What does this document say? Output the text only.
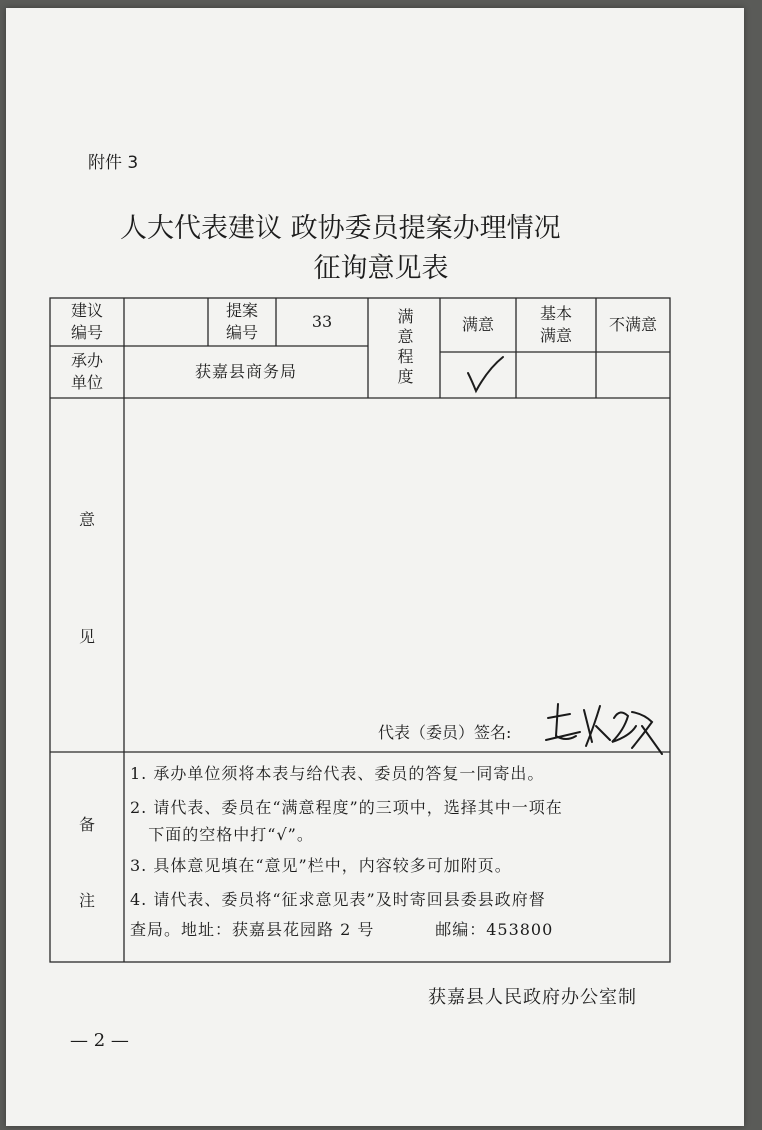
附件 3
人大代表建议 政协委员提案办理情况
征询意见表
建议
编号
提案
编号
33	满意程度	满意
基本
满意
不满意
承办
单位
获嘉县商务局
意
见
代表（委员）签名:
备
注
1. 承办单位须将本表与给代表、委员的答复一同寄出。
2. 请代表、委员在“满意程度”的三项中，选择其中一项在
下面的空格中打“√”。
3. 具体意见填在“意见”栏中，内容较多可加附页。
4. 请代表、委员将“征求意见表”及时寄回县委县政府督
查局。地址：获嘉县花园路 2 号          邮编：453800
获嘉县人民政府办公室制
— 2 —
